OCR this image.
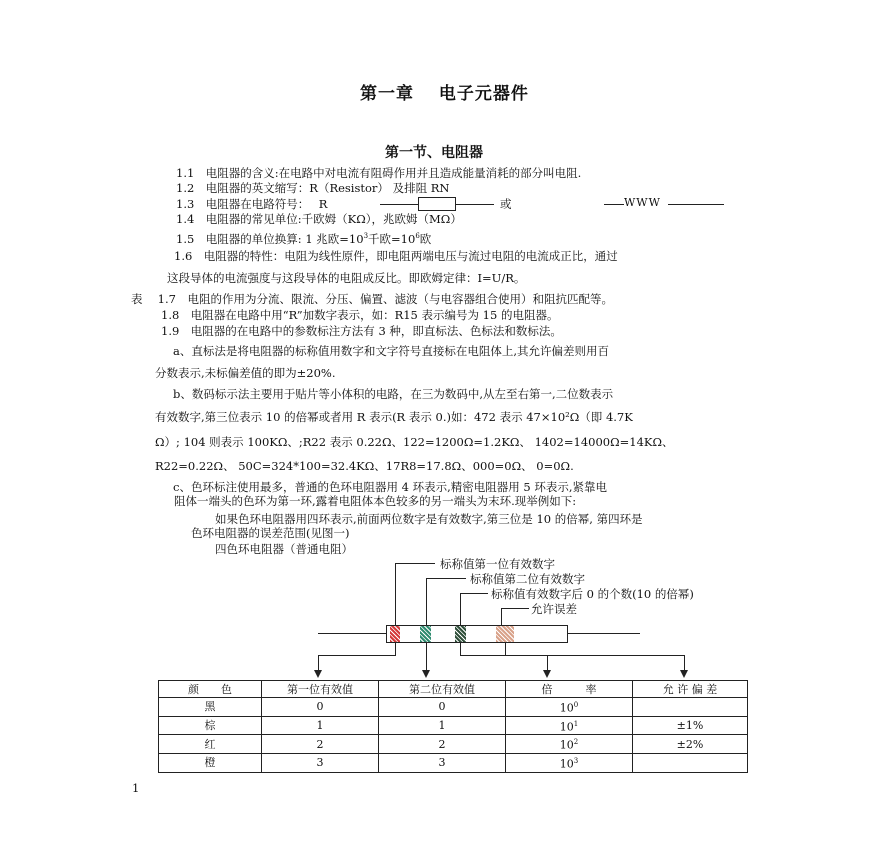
第一章　 电子元器件
第一节、电阻器
1.1　电阻器的含义:在电路中对电流有阻碍作用并且造成能量消耗的部分叫电阻.
1.2　电阻器的英文缩写：R（Resistor） 及排阻 RN
1.3　电阻器在电路符号：　 R	或	WWW
1.4　电阻器的常见单位:千欧姆（KΩ），兆欧姆（MΩ）
1.5　电阻器的单位换算: 1 兆欧$=10^3$千欧$=10^6$欧
1.6　电阻器的特性：电阻为线性原件，即电阻两端电压与流过电阻的电流成正比，通过
这段导体的电流强度与这段导体的电阻成反比。即欧姆定律：I=U/R。
表　 1.7　电阻的作用为分流、限流、分压、偏置、滤波（与电容器组合使用）和阻抗匹配等。
1.8　电阻器在电路中用“R”加数字表示，如：R15 表示编号为 15 的电阻器。
1.9　电阻器的在电路中的参数标注方法有 3 种，即直标法、色标法和数标法。
a、直标法是将电阻器的标称值用数字和文字符号直接标在电阻体上,其允许偏差则用百
分数表示,未标偏差值的即为±20%.
b、数码标示法主要用于贴片等小体积的电路，在三为数码中,从左至右第一,二位数表示
有效数字,第三位表示 10 的倍幂或者用 R 表示(R 表示 0.)如：472 表示 47×10²Ω（即 4.7K
Ω）; 104 则表示 100KΩ、;R22 表示 0.22Ω、122=1200Ω=1.2KΩ、 1402=14000Ω=14KΩ、
R22=0.22Ω、 50C=324*100=32.4KΩ、17R8=17.8Ω、000=0Ω、 0=0Ω.
c、色环标注使用最多，普通的色环电阻器用 4 环表示,精密电阻器用 5 环表示,紧靠电
阻体一端头的色环为第一环,露着电阻体本色较多的另一端头为末环.现举例如下:
如果色环电阻器用四环表示,前面两位数字是有效数字,第三位是 10 的倍幂, 第四环是
色环电阻器的误差范围(见图一)
四色环电阻器（普通电阻）
标称值第一位有效数字
标称值第二位有效数字
标称值有效数字后 0 的个数(10 的倍幂)
允许误差
颜　　色	第一位有效值	第二位有效值	倍　　　率	允 许 偏 差
黑	0	0	$10^0$	
棕	1	1	$10^1$	±1%
红	2	2	$10^2$	±2%
橙	3	3	$10^3$	
1
